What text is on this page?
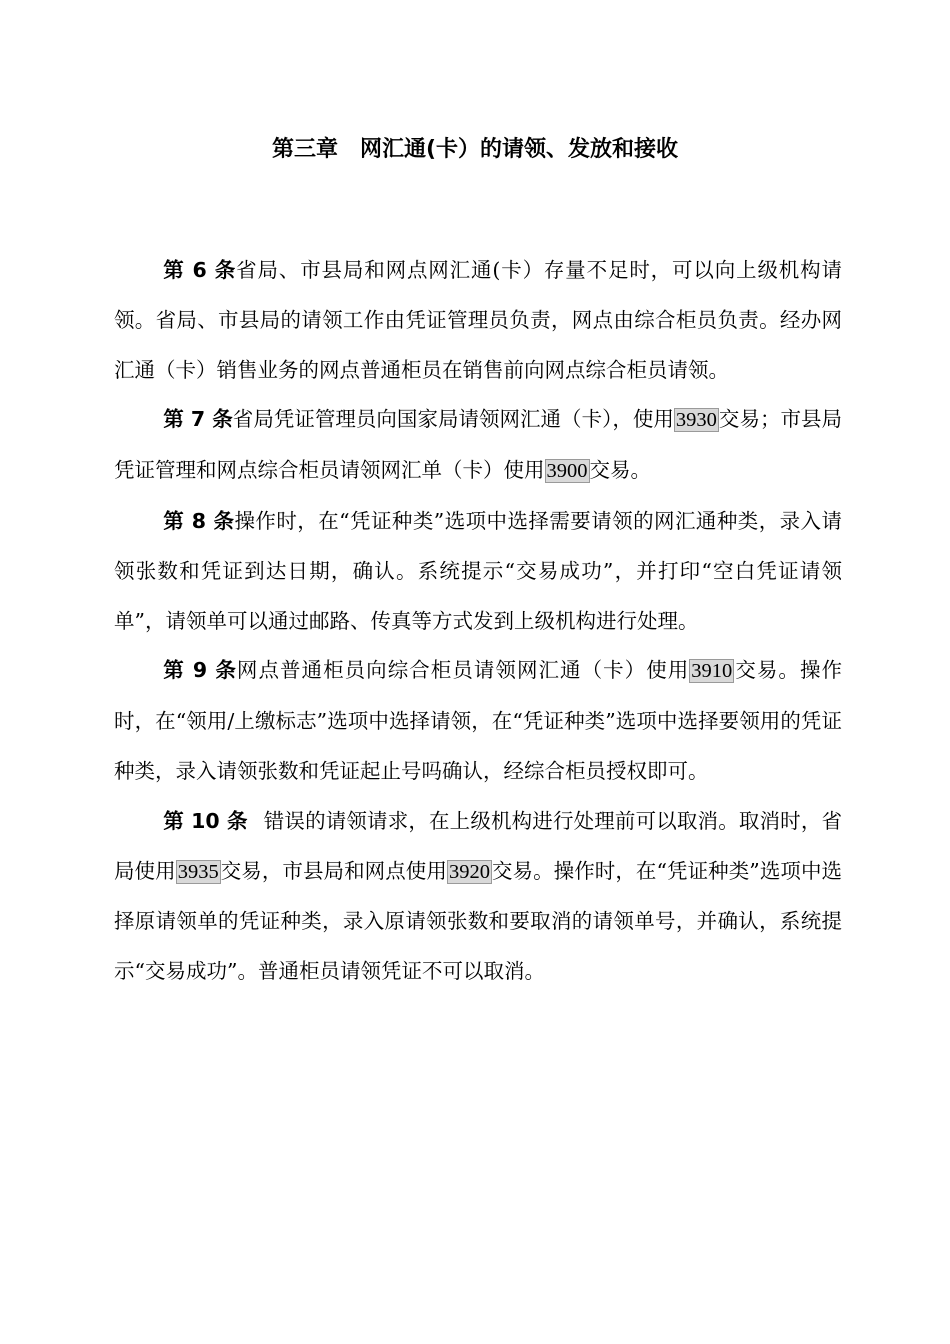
第三章　网汇通(卡）的请领、发放和接收

第 6 条省局、市县局和网点网汇通(卡）存量不足时，可以向上级机构请领。省局、市县局的请领工作由凭证管理员负责，网点由综合柜员负责。经办网汇通（卡）销售业务的网点普通柜员在销售前向网点综合柜员请领。

第 7 条省局凭证管理员向国家局请领网汇通（卡），使用3930交易；市县局凭证管理和网点综合柜员请领网汇单（卡）使用3900交易。

第 8 条操作时，在“凭证种类”选项中选择需要请领的网汇通种类，录入请领张数和凭证到达日期，确认。系统提示“交易成功”，并打印“空白凭证请领单”，请领单可以通过邮路、传真等方式发到上级机构进行处理。

第 9 条网点普通柜员向综合柜员请领网汇通（卡）使用3910交易。操作时，在“领用/上缴标志”选项中选择请领，在“凭证种类”选项中选择要领用的凭证种类，录入请领张数和凭证起止号吗确认，经综合柜员授权即可。

第 10 条 错误的请领请求，在上级机构进行处理前可以取消。取消时，省局使用3935交易，市县局和网点使用3920交易。操作时，在“凭证种类”选项中选择原请领单的凭证种类，录入原请领张数和要取消的请领单号，并确认，系统提示“交易成功”。普通柜员请领凭证不可以取消。
